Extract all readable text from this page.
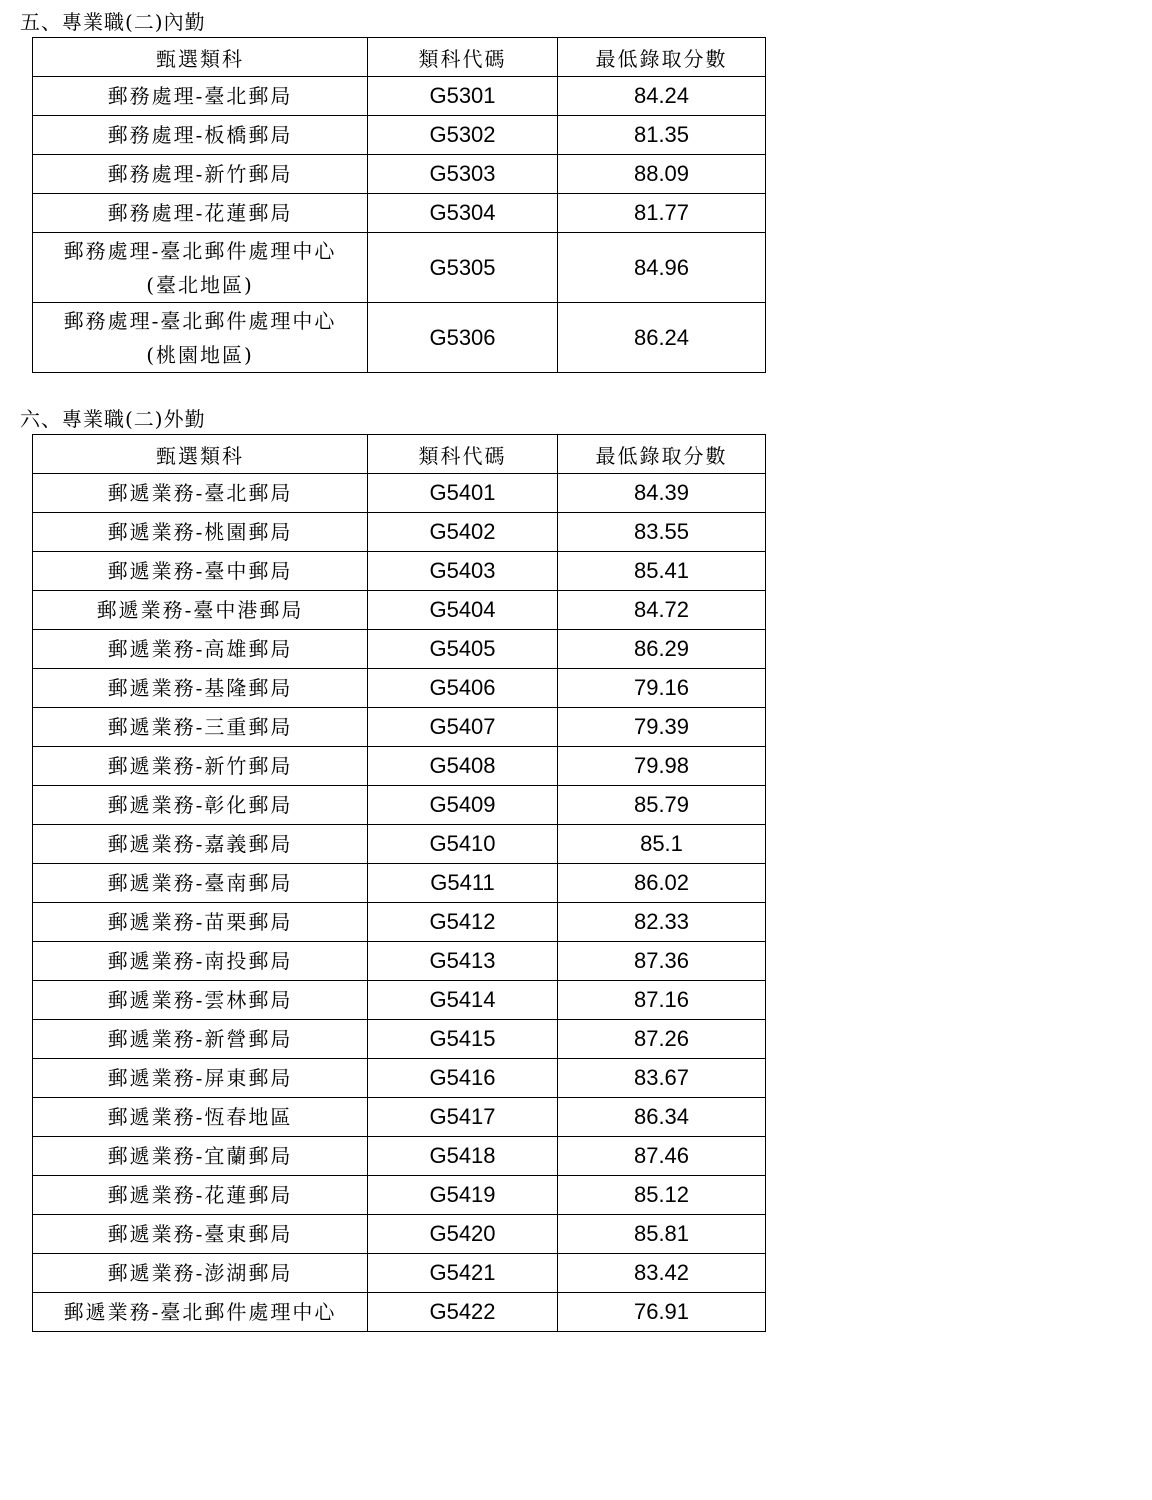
五、專業職(二)內勤
甄選類科	類科代碼	最低錄取分數

郵務處理-臺北郵局	G5301	84.24

郵務處理-板橋郵局	G5302	81.35

郵務處理-新竹郵局	G5303	88.09

郵務處理-花蓮郵局	G5304	81.77

郵務處理-臺北郵件處理中心
(臺北地區)	G5305	84.96

郵務處理-臺北郵件處理中心
(桃園地區)	G5306	86.24
六、專業職(二)外勤
甄選類科	類科代碼	最低錄取分數

郵遞業務-臺北郵局	G5401	84.39

郵遞業務-桃園郵局	G5402	83.55

郵遞業務-臺中郵局	G5403	85.41

郵遞業務-臺中港郵局	G5404	84.72

郵遞業務-高雄郵局	G5405	86.29

郵遞業務-基隆郵局	G5406	79.16

郵遞業務-三重郵局	G5407	79.39

郵遞業務-新竹郵局	G5408	79.98

郵遞業務-彰化郵局	G5409	85.79

郵遞業務-嘉義郵局	G5410	85.1

郵遞業務-臺南郵局	G5411	86.02

郵遞業務-苗栗郵局	G5412	82.33

郵遞業務-南投郵局	G5413	87.36

郵遞業務-雲林郵局	G5414	87.16

郵遞業務-新營郵局	G5415	87.26

郵遞業務-屏東郵局	G5416	83.67

郵遞業務-恆春地區	G5417	86.34

郵遞業務-宜蘭郵局	G5418	87.46

郵遞業務-花蓮郵局	G5419	85.12

郵遞業務-臺東郵局	G5420	85.81

郵遞業務-澎湖郵局	G5421	83.42

郵遞業務-臺北郵件處理中心	G5422	76.91
